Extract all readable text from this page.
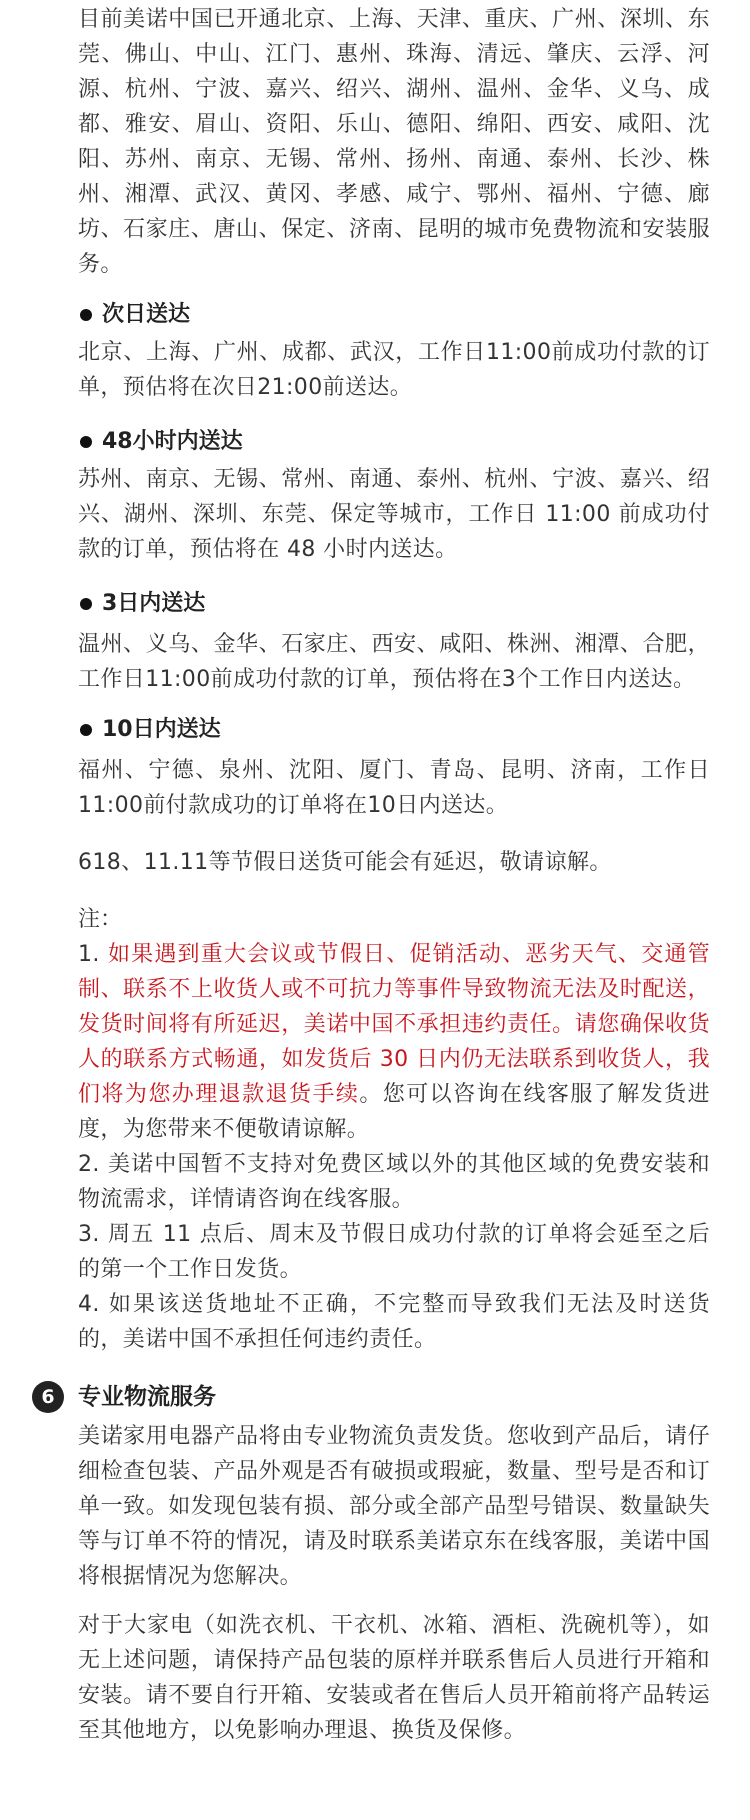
目前美诺中国已开通北京、上海、天津、重庆、广州、深圳、东莞、佛山、中山、江门、惠州、珠海、清远、肇庆、云浮、河源、杭州、宁波、嘉兴、绍兴、湖州、温州、金华、义乌、成都、雅安、眉山、资阳、乐山、德阳、绵阳、西安、咸阳、沈阳、苏州、南京、无锡、常州、扬州、南通、泰州、长沙、株州、湘潭、武汉、黄冈、孝感、咸宁、鄂州、福州、宁德、廊坊、石家庄、唐山、保定、济南、昆明的城市免费物流和安装服务。

次日送达

北京、上海、广州、成都、武汉，工作日11:00前成功付款的订单，预估将在次日21:00前送达。

48小时内送达

苏州、南京、无锡、常州、南通、泰州、杭州、宁波、嘉兴、绍兴、湖州、深圳、东莞、保定等城市，工作日 11:00 前成功付款的订单，预估将在 48 小时内送达。

3日内送达

温州、义乌、金华、石家庄、西安、咸阳、株洲、湘潭、合肥，工作日11:00前成功付款的订单，预估将在3个工作日内送达。

10日内送达

福州、宁德、泉州、沈阳、厦门、青岛、昆明、济南，工作日11:00前付款成功的订单将在10日内送达。

618、11.11等节假日送货可能会有延迟，敬请谅解。

注：

1. 如果遇到重大会议或节假日、促销活动、恶劣天气、交通管制、联系不上收货人或不可抗力等事件导致物流无法及时配送，发货时间将有所延迟，美诺中国不承担违约责任。请您确保收货人的联系方式畅通，如发货后 30 日内仍无法联系到收货人，我们将为您办理退款退货手续。您可以咨询在线客服了解发货进度，为您带来不便敬请谅解。

2. 美诺中国暂不支持对免费区域以外的其他区域的免费安装和物流需求，详情请咨询在线客服。

3. 周五 11 点后、周末及节假日成功付款的订单将会延至之后的第一个工作日发货。

4. 如果该送货地址不正确，不完整而导致我们无法及时送货的，美诺中国不承担任何违约责任。

6	专业物流服务

美诺家用电器产品将由专业物流负责发货。您收到产品后，请仔细检查包装、产品外观是否有破损或瑕疵，数量、型号是否和订单一致。如发现包装有损、部分或全部产品型号错误、数量缺失等与订单不符的情况，请及时联系美诺京东在线客服，美诺中国将根据情况为您解决。

对于大家电（如洗衣机、干衣机、冰箱、酒柜、洗碗机等），如无上述问题，请保持产品包装的原样并联系售后人员进行开箱和安装。请不要自行开箱、安装或者在售后人员开箱前将产品转运至其他地方，以免影响办理退、换货及保修。
